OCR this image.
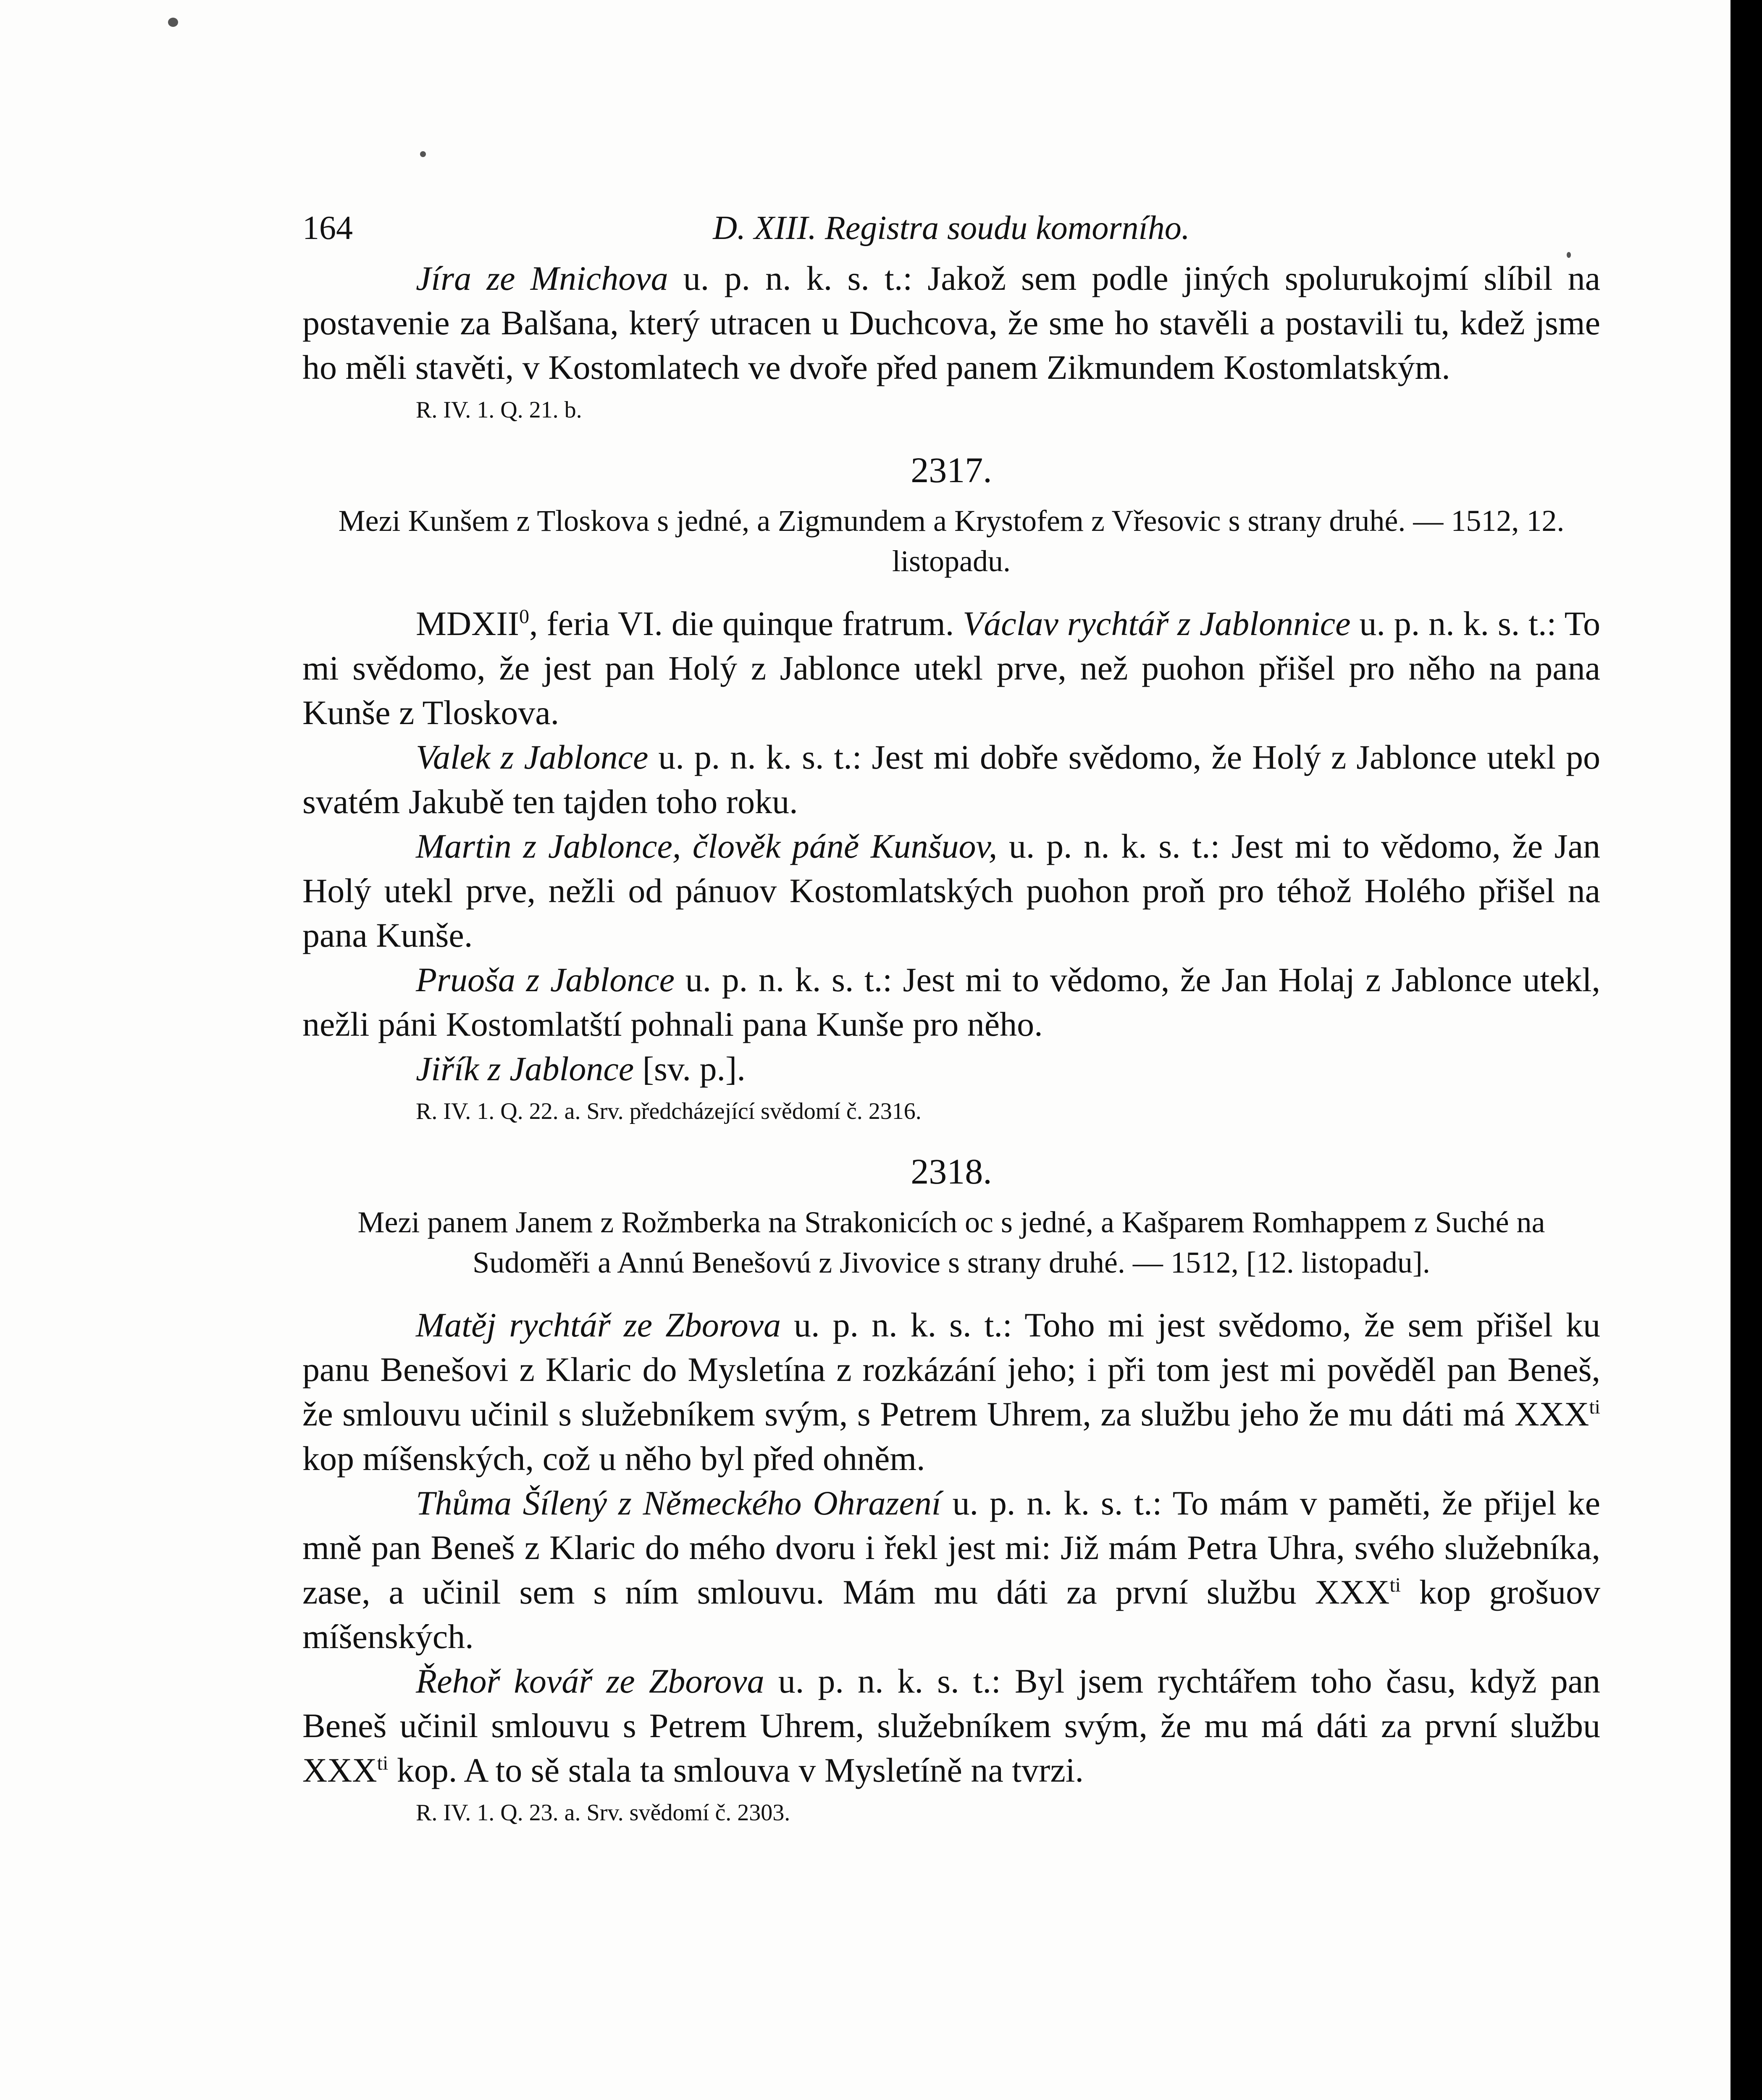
164	D. XIII. Registra soudu komorního.

Jíra ze Mnichova u. p. n. k. s. t.: Jakož sem podle jiných spolurukojmí slíbil na postavenie za Balšana, který utracen u Duchcova, že sme ho stavěli a postavili tu, kdež jsme ho měli stavěti, v Kostomlatech ve dvoře před panem Zikmundem Kostomlatským.

R. IV. 1. Q. 21. b.

2317.

Mezi Kunšem z Tloskova s jedné, a Zigmundem a Krystofem z Vřesovic s strany druhé. — 1512, 12. listopadu.

MDXII$^0$, feria VI. die quinque fratrum. Václav rychtář z Jablonnice u. p. n. k. s. t.: To mi svědomo, že jest pan Holý z Jablonce utekl prve, než puohon přišel pro něho na pana Kunše z Tloskova.

Valek z Jablonce u. p. n. k. s. t.: Jest mi dobře svědomo, že Holý z Jablonce utekl po svatém Jakubě ten tajden toho roku.

Martin z Jablonce, člověk páně Kunšuov, u. p. n. k. s. t.: Jest mi to vědomo, že Jan Holý utekl prve, nežli od pánuov Kostomlatských puohon proň pro téhož Holého přišel na pana Kunše.

Pruoša z Jablonce u. p. n. k. s. t.: Jest mi to vědomo, že Jan Holaj z Jablonce utekl, nežli páni Kostomlatští pohnali pana Kunše pro něho.

Jiřík z Jablonce [sv. p.].

R. IV. 1. Q. 22. a. Srv. předcházející svědomí č. 2316.

2318.

Mezi panem Janem z Rožmberka na Strakonicích oc s jedné, a Kašparem Romhappem z Suché na Sudoměři a Annú Benešovú z Jivovice s strany druhé. — 1512, [12. listopadu].

Matěj rychtář ze Zborova u. p. n. k. s. t.: Toho mi jest svědomo, že sem přišel ku panu Benešovi z Klaric do Mysletína z rozkázání jeho; i při tom jest mi pověděl pan Beneš, že smlouvu učinil s služebníkem svým, s Petrem Uhrem, za službu jeho že mu dáti má $XXX^{ti}$ kop míšenských, což u něho byl před ohněm.

Thůma Šílený z Německého Ohrazení u. p. n. k. s. t.: To mám v paměti, že přijel ke mně pan Beneš z Klaric do mého dvoru i řekl jest mi: Již mám Petra Uhra, svého služebníka, zase, a učinil sem s ním smlouvu. Mám mu dáti za první službu $XXX^{ti}$ kop grošuov míšenských.

Řehoř kovář ze Zborova u. p. n. k. s. t.: Byl jsem rychtářem toho času, když pan Beneš učinil smlouvu s Petrem Uhrem, služebníkem svým, že mu má dáti za první službu $XXX^{ti}$ kop. A to sě stala ta smlouva v Mysletíně na tvrzi.

R. IV. 1. Q. 23. a. Srv. svědomí č. 2303.
